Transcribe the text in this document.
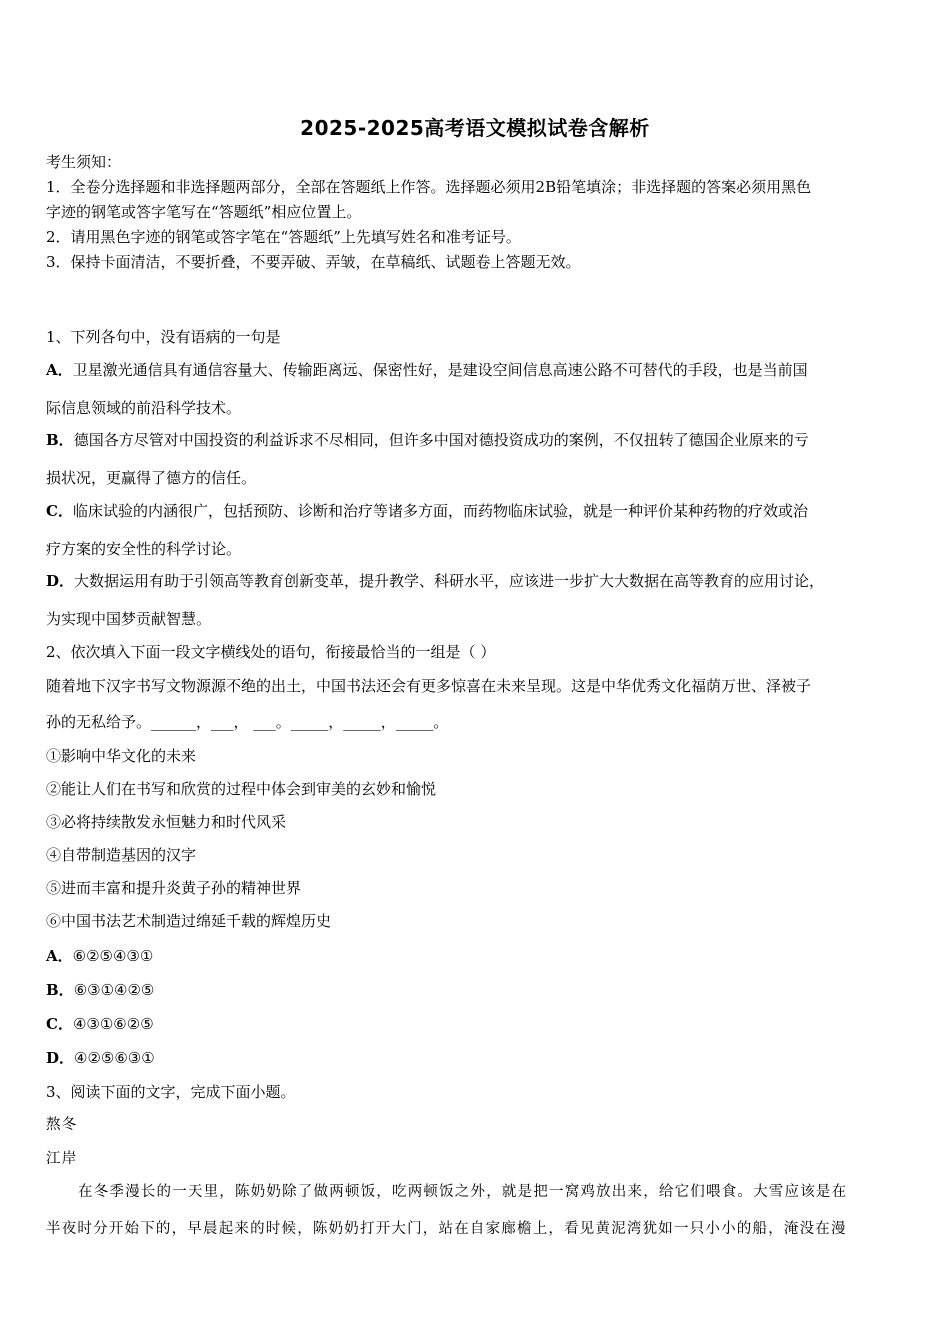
2025-2025高考语文模拟试卷含解析
考生须知：
1．全卷分选择题和非选择题两部分，全部在答题纸上作答。选择题必须用2B铅笔填涂；非选择题的答案必须用黑色
字迹的钢笔或答字笔写在“答题纸”相应位置上。
2．请用黑色字迹的钢笔或答字笔在“答题纸”上先填写姓名和准考证号。
3．保持卡面清洁，不要折叠，不要弄破、弄皱，在草稿纸、试题卷上答题无效。
1、下列各句中，没有语病的一句是
A．卫星激光通信具有通信容量大、传输距离远、保密性好，是建设空间信息高速公路不可替代的手段，也是当前国
际信息领域的前沿科学技术。
B．德国各方尽管对中国投资的利益诉求不尽相同，但许多中国对德投资成功的案例，不仅扭转了德国企业原来的亏
损状况，更赢得了德方的信任。
C．临床试验的内涵很广，包括预防、诊断和治疗等诸多方面，而药物临床试验，就是一种评价某种药物的疗效或治
疗方案的安全性的科学讨论。
D．大数据运用有助于引领高等教育创新变革，提升教学、科研水平，应该进一步扩大大数据在高等教育的应用讨论，
为实现中国梦贡献智慧。
2、依次填入下面一段文字横线处的语句，衔接最恰当的一组是（ ）
随着地下汉字书写文物源源不绝的出土，中国书法还会有更多惊喜在未来呈现。这是中华优秀文化福荫万世、泽被子
孙的无私给予。______，___， ___。_____，_____，_____。
①影响中华文化的未来
②能让人们在书写和欣赏的过程中体会到审美的玄妙和愉悦
③必将持续散发永恒魅力和时代风采
④自带制造基因的汉字
⑤进而丰富和提升炎黄子孙的精神世界
⑥中国书法艺术制造过绵延千载的辉煌历史
A．⑥②⑤④③①
B．⑥③①④②⑤
C．④③①⑥②⑤
D．④②⑤⑥③①
3、阅读下面的文字，完成下面小题。
熬冬
江岸
在冬季漫长的一天里，陈奶奶除了做两顿饭，吃两顿饭之外，就是把一窝鸡放出来，给它们喂食。大雪应该是在
半夜时分开始下的，早晨起来的时候，陈奶奶打开大门，站在自家廊檐上，看见黄泥湾犹如一只小小的船，淹没在漫
